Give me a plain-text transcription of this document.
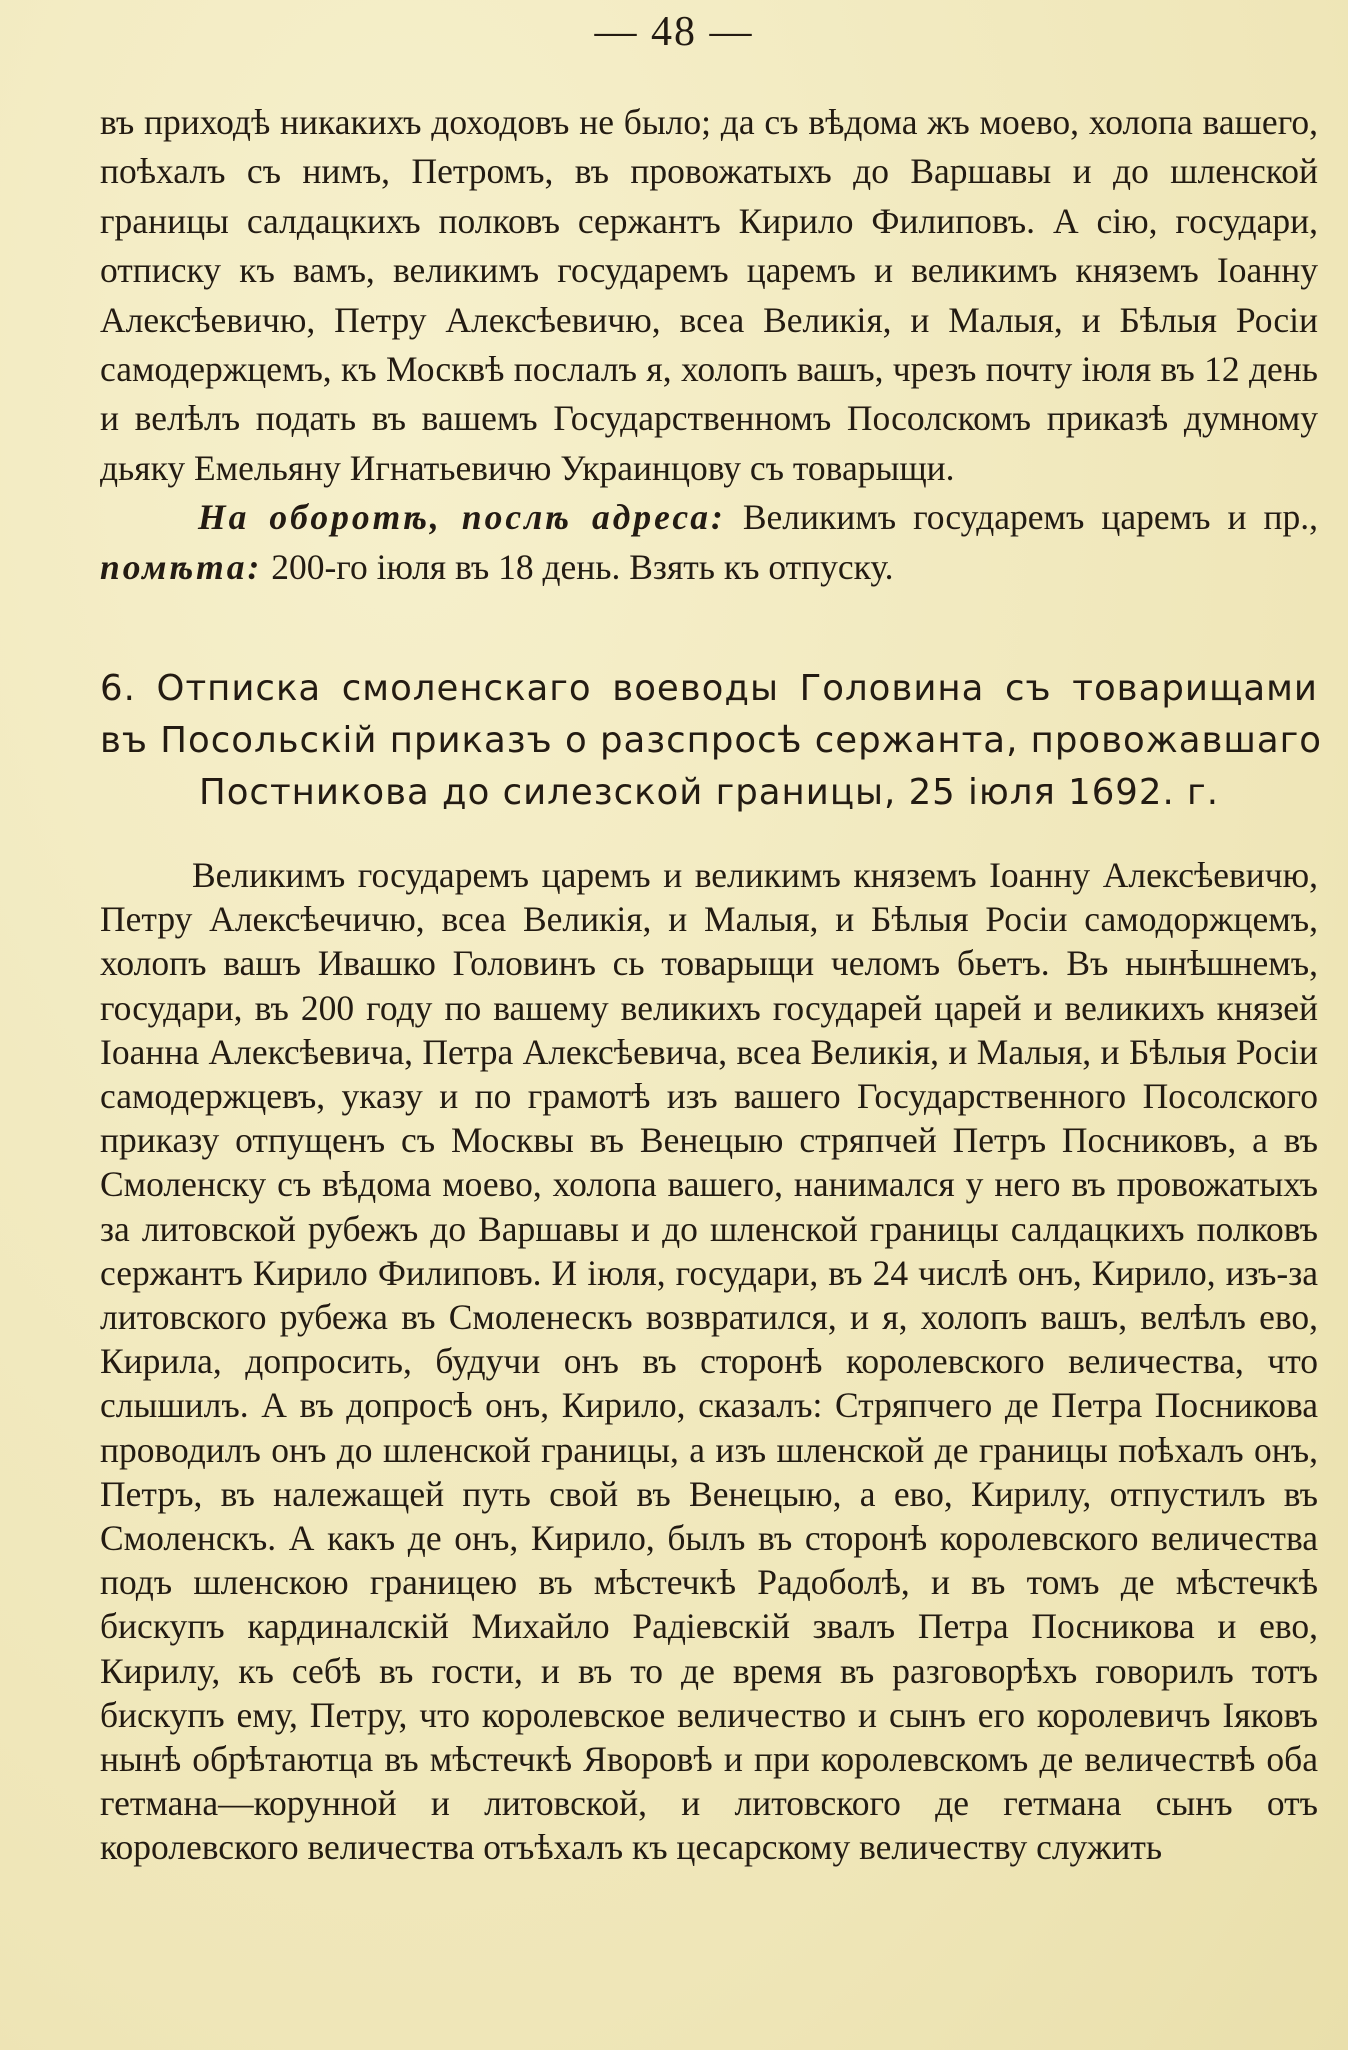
— 48 —

въ приходѣ никакихъ доходовъ не было; да съ вѣдома жъ моево, холопа вашего, поѣхалъ съ нимъ, Петромъ, въ провожатыхъ до Варшавы и до шленской границы салдацкихъ полковъ сержантъ Кирило Филиповъ. А сію, государи, отписку къ вамъ, великимъ государемъ царемъ и великимъ княземъ Іоанну Алексѣевичю, Петру Алексѣевичю, всеа Великія, и Малыя, и Бѣлыя Росіи самодержцемъ, къ Москвѣ послалъ я, холопъ вашъ, чрезъ почту іюля въ 12 день и велѣлъ подать въ вашемъ Государственномъ Посолскомъ приказѣ думному дьяку Емельяну Игнатьевичю Украинцову съ товарыщи.

На оборотѣ, послѣ адреса: Великимъ государемъ царемъ и пр., помѣта: 200-го іюля въ 18 день. Взять къ отпуску.

6. Отписка смоленскаго воеводы Головина съ товарищами
въ Посольскій приказъ о разспросѣ сержанта, провожавшаго
Постникова до силезской границы, 25 іюля 1692. г.

Великимъ государемъ царемъ и великимъ княземъ Іоанну Алексѣевичю, Петру Алексѣечичю, всеа Великія, и Малыя, и Бѣлыя Росіи самодоржцемъ, холопъ вашъ Ивашко Головинъ сь товарыщи челомъ бьетъ. Въ нынѣшнемъ, государи, въ 200 году по вашему великихъ государей царей и великихъ князей Іоанна Алексѣевича, Петра Алексѣевича, всеа Великія, и Малыя, и Бѣлыя Росіи самодержцевъ, указу и по грамотѣ изъ вашего Государственного Посолского приказу отпущенъ съ Москвы въ Венецыю стряпчей Петръ Посниковъ, а въ Смоленску съ вѣдома моево, холопа вашего, нанимался у него въ провожатыхъ за литовской рубежъ до Варшавы и до шленской границы салдацкихъ полковъ сержантъ Кирило Филиповъ. И іюля, государи, въ 24 числѣ онъ, Кирило, изъ-за литовского рубежа въ Смоленескъ возвратился, и я, холопъ вашъ, велѣлъ ево, Кирила, допросить, будучи онъ въ сторонѣ королевского величества, что слышилъ. А въ допросѣ онъ, Кирило, сказалъ: Стряпчего де Петра Посникова проводилъ онъ до шленской границы, а изъ шленской де границы поѣхалъ онъ, Петръ, въ належащей путь свой въ Венецыю, а ево, Кирилу, отпустилъ въ Смоленскъ. А какъ де онъ, Кирило, былъ въ сторонѣ королевского величества подъ шленскою границею въ мѣстечкѣ Радоболѣ, и въ томъ де мѣстечкѣ бискупъ кардиналскій Михайло Радіевскій звалъ Петра Посникова и ево, Кирилу, къ себѣ въ гости, и въ то де время въ разговорѣхъ говорилъ тотъ бискупъ ему, Петру, что королевское величество и сынъ его королевичъ Іяковъ нынѣ обрѣтаютца въ мѣстечкѣ Яворовѣ и при королевскомъ де величествѣ оба гетмана—корунной и литовской, и литовского де гетмана сынъ отъ королевского величества отъѣхалъ къ цесарскому величеству служить
